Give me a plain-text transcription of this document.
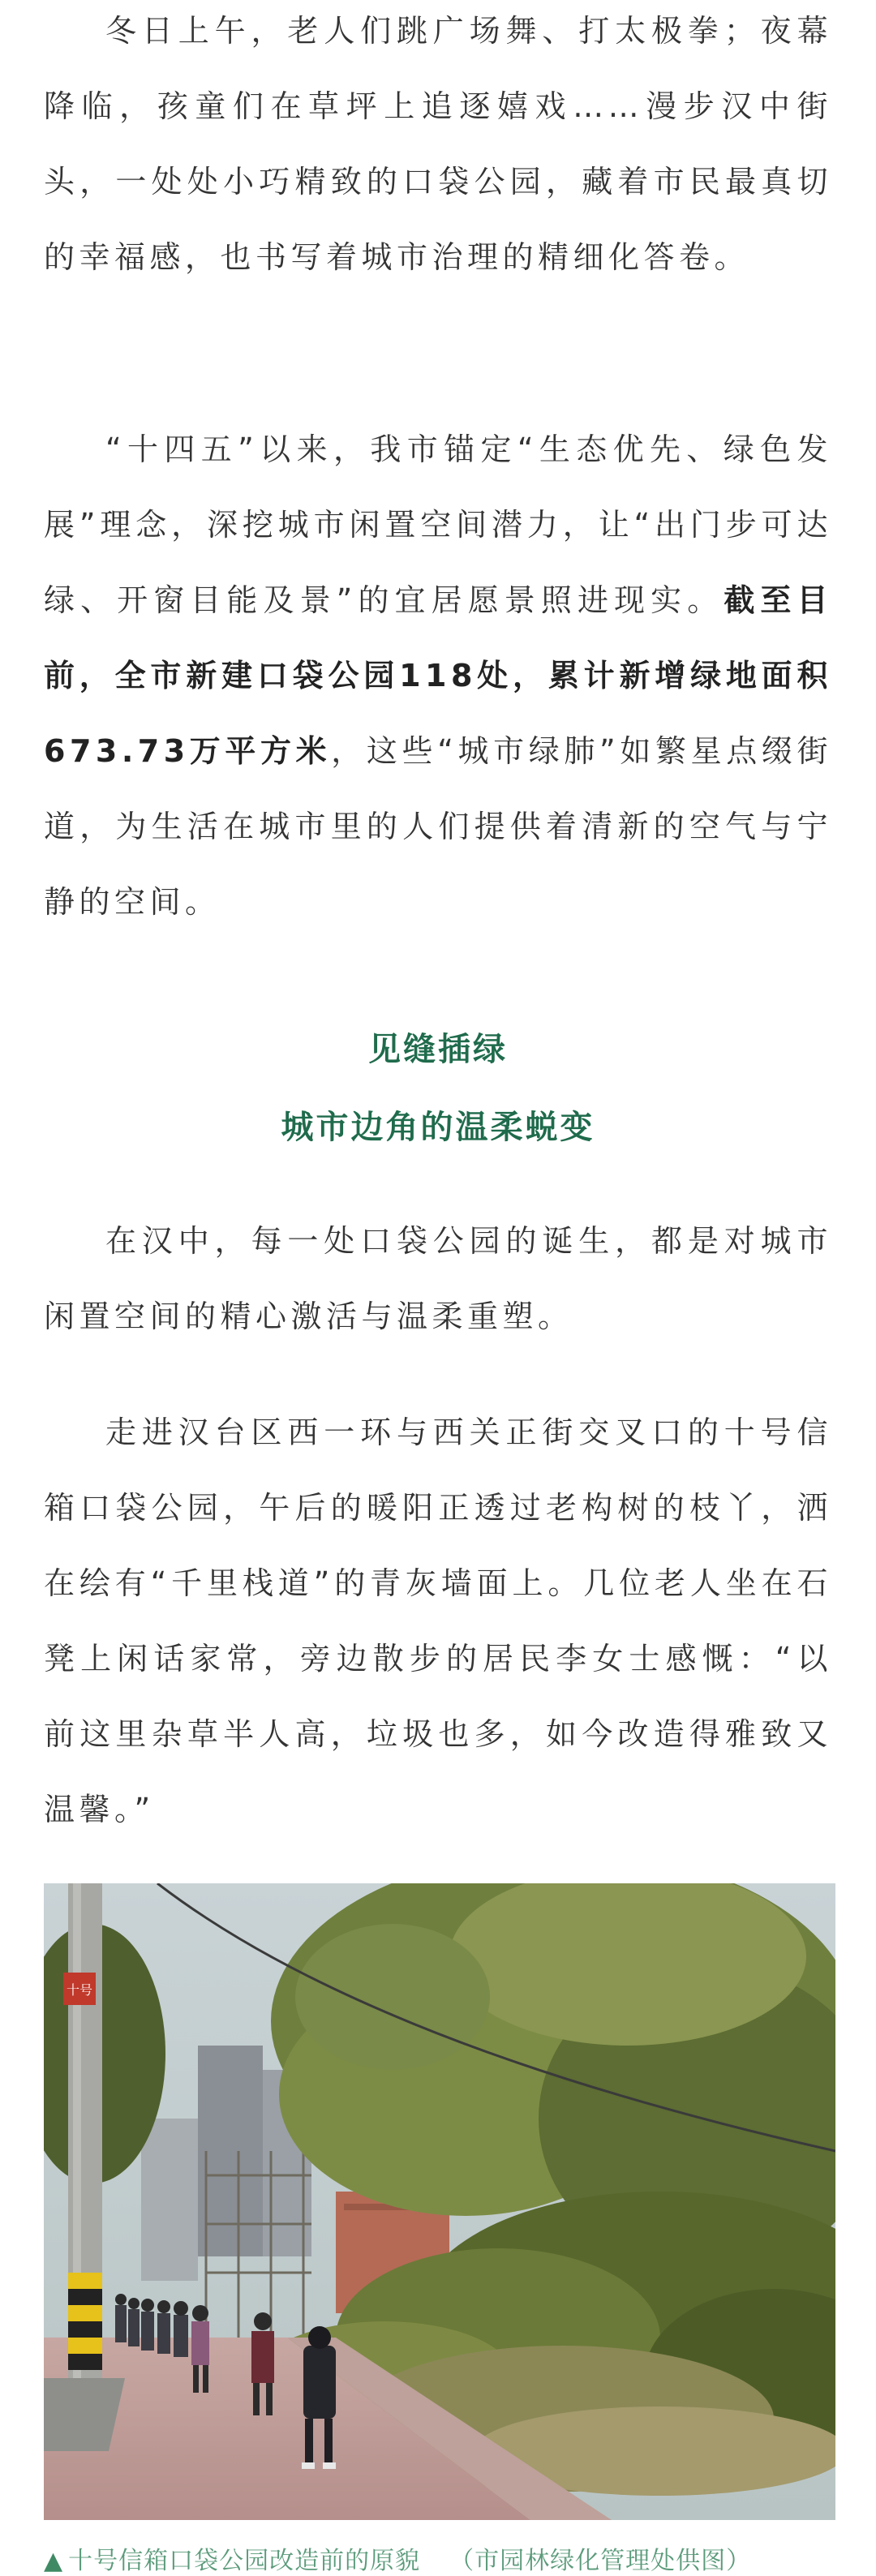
冬日上午，老人们跳广场舞、打太极拳；夜幕降临，孩童们在草坪上追逐嬉戏……漫步汉中街头，一处处小巧精致的口袋公园，藏着市民最真切的幸福感，也书写着城市治理的精细化答卷。

“十四五”以来，我市锚定“生态优先、绿色发展”理念，深挖城市闲置空间潜力，让“出门步可达绿、开窗目能及景”的宜居愿景照进现实。截至目前，全市新建口袋公园118处，累计新增绿地面积673.73万平方米，这些“城市绿肺”如繁星点缀街道，为生活在城市里的人们提供着清新的空气与宁静的空间。

见缝插绿
城市边角的温柔蜕变

在汉中，每一处口袋公园的诞生，都是对城市闲置空间的精心激活与温柔重塑。

走进汉台区西一环与西关正街交叉口的十号信箱口袋公园，午后的暖阳正透过老构树的枝丫，洒在绘有“千里栈道”的青灰墙面上。几位老人坐在石凳上闲话家常，旁边散步的居民李女士感慨：“以前这里杂草半人高，垃圾也多，如今改造得雅致又温馨。”

十号
▲ 十号信箱口袋公园改造前的原貌 （市园林绿化管理处供图）
